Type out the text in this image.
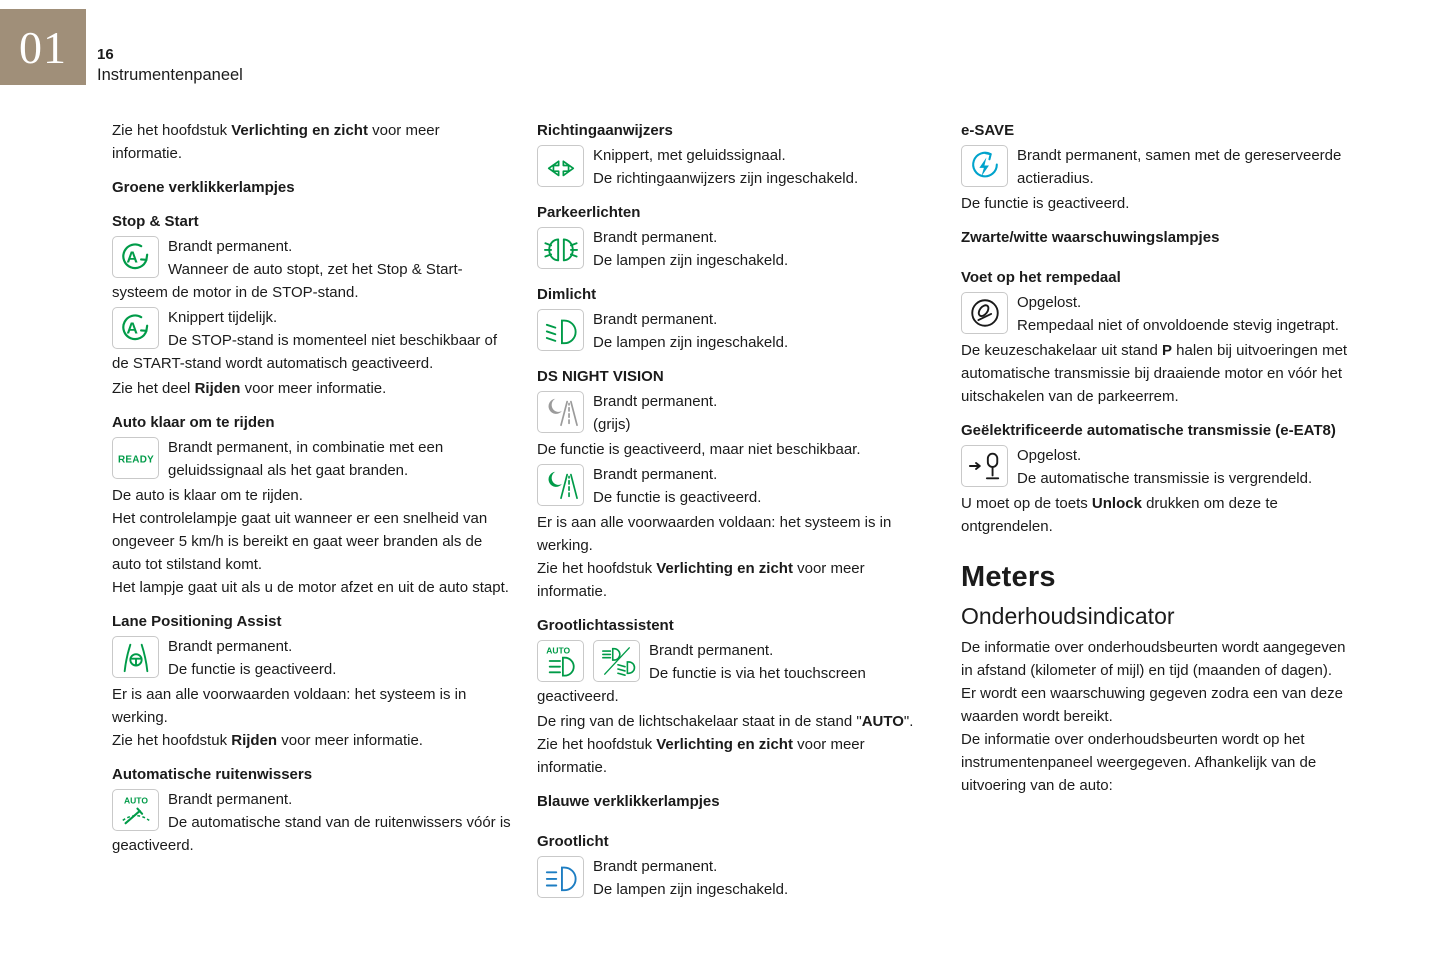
01 16
Instrumentenpaneel

Zie het hoofdstuk Verlichting en zicht voor meer informatie.

Groene verklikkerlampjes
Stop & Start
A

Brandt permanent.

Wanneer de auto stopt, zet het Stop & Start-systeem de motor in de STOP-stand.

A

Knippert tijdelijk.

De STOP-stand is momenteel niet beschikbaar of de START-stand wordt automatisch geactiveerd.

Zie het deel Rijden voor meer informatie.

Auto klaar om te rijden
READY

Brandt permanent, in combinatie met een geluidssignaal als het gaat branden.

De auto is klaar om te rijden.

Het controlelampje gaat uit wanneer er een snelheid van ongeveer 5 km/h is bereikt en gaat weer branden als de auto tot stilstand komt.

Het lampje gaat uit als u de motor afzet en uit de auto stapt.

Lane Positioning Assist

Brandt permanent.

De functie is geactiveerd.

Er is aan alle voorwaarden voldaan: het systeem is in werking.

Zie het hoofdstuk Rijden voor meer informatie.

Automatische ruitenwissers
AUTO	Brandt permanent.

De automatische stand van de ruitenwissers vóór is geactiveerd.

Richtingaanwijzers

Knippert, met geluidssignaal.

De richtingaanwijzers zijn ingeschakeld.

Parkeerlichten

Brandt permanent.

De lampen zijn ingeschakeld.

Dimlicht

Brandt permanent.

De lampen zijn ingeschakeld.

DS NIGHT VISION

Brandt permanent.

(grijs)

De functie is geactiveerd, maar niet beschikbaar.

Brandt permanent.

De functie is geactiveerd.

Er is aan alle voorwaarden voldaan: het systeem is in werking.

Zie het hoofdstuk Verlichting en zicht voor meer informatie.

Grootlichtassistent
AUTO	Brandt permanent.

De functie is via het touchscreen geactiveerd.

De ring van de lichtschakelaar staat in de stand "AUTO".

Zie het hoofdstuk Verlichting en zicht voor meer informatie.

Blauwe verklikkerlampjes
Grootlicht

Brandt permanent.

De lampen zijn ingeschakeld.

e-SAVE

Brandt permanent, samen met de gereserveerde actieradius.

De functie is geactiveerd.

Zwarte/witte waarschuwingslampjes
Voet op het rempedaal

Opgelost.

Rempedaal niet of onvoldoende stevig ingetrapt.

De keuzeschakelaar uit stand P halen bij uitvoeringen met automatische transmissie bij draaiende motor en vóór het uitschakelen van de parkeerrem.

Geëlektrificeerde automatische transmissie (e-EAT8)

Opgelost.

De automatische transmissie is vergrendeld.

U moet op de toets Unlock drukken om deze te ontgrendelen.

Meters
Onderhoudsindicator

De informatie over onderhoudsbeurten wordt aangegeven in afstand (kilometer of mijl) en tijd (maanden of dagen).

Er wordt een waarschuwing gegeven zodra een van deze waarden wordt bereikt.

De informatie over onderhoudsbeurten wordt op het instrumentenpaneel weergegeven. Afhankelijk van de uitvoering van de auto:
